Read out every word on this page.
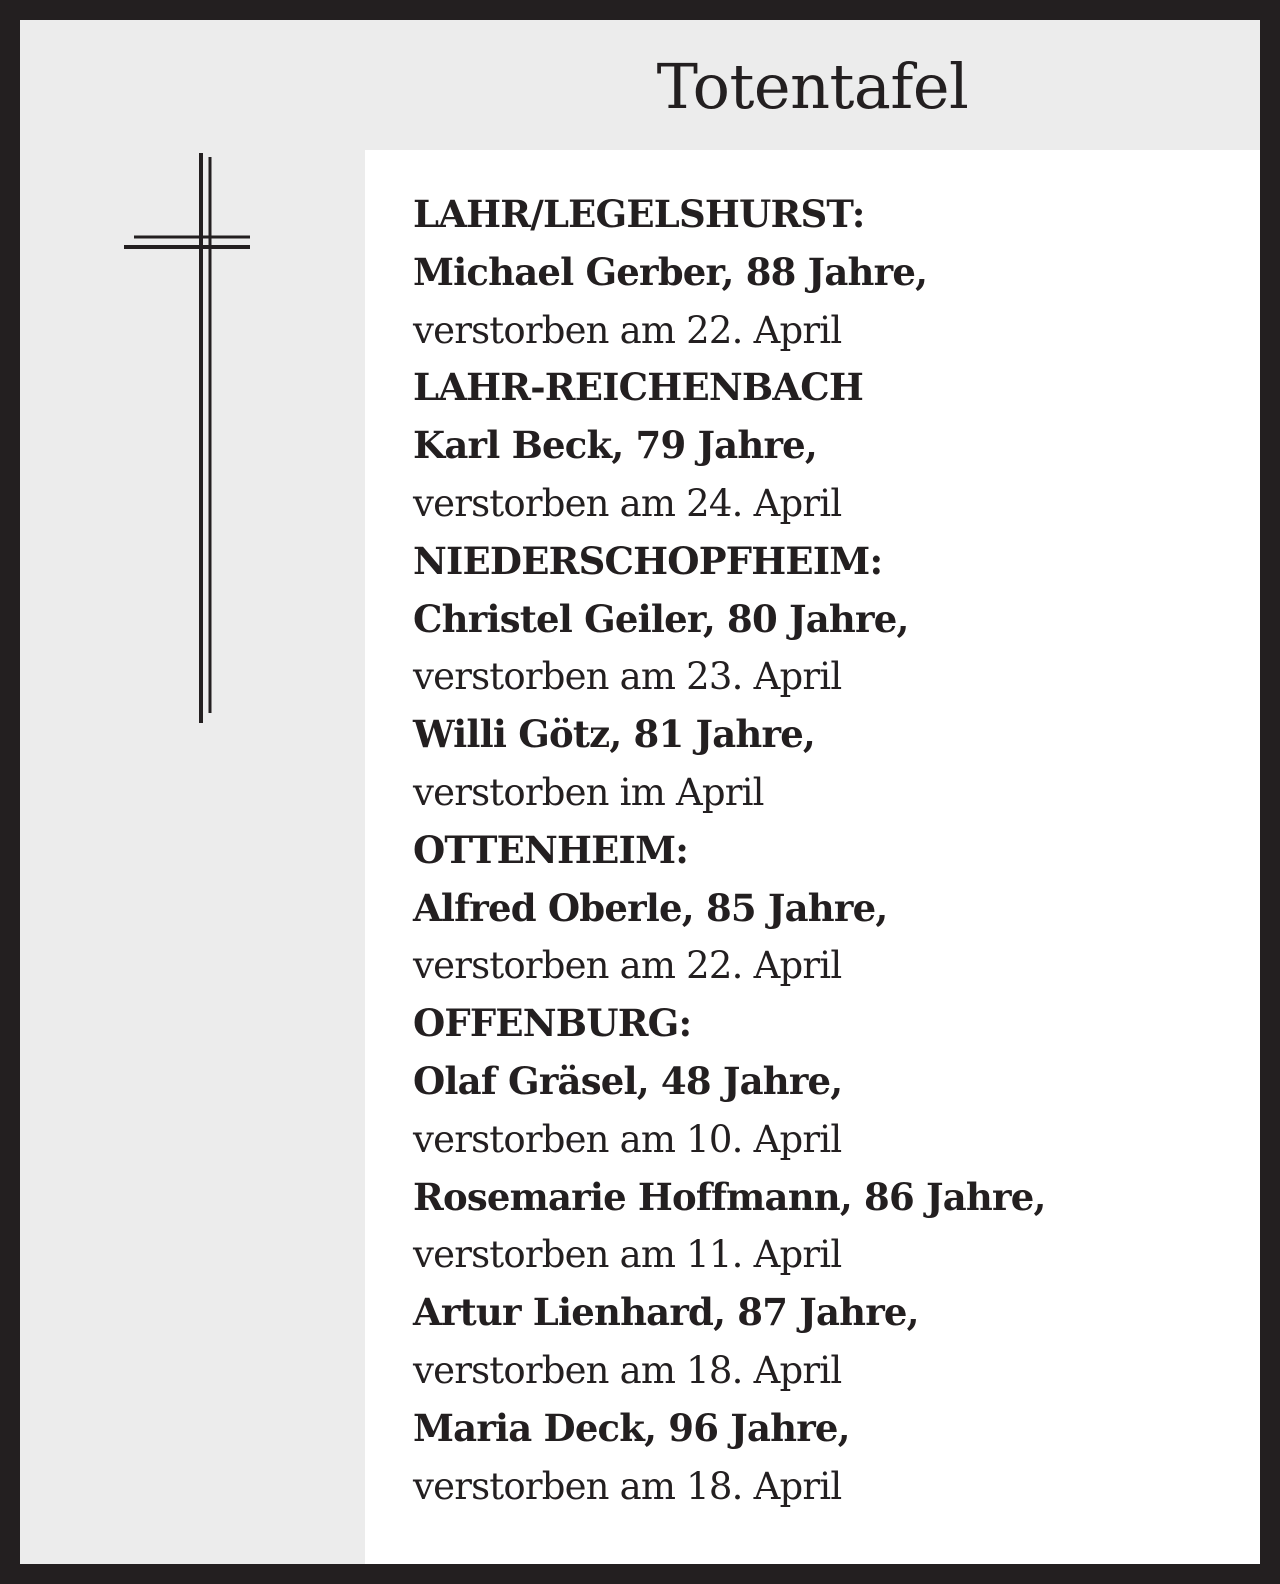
Totentafel
LAHR/LEGELSHURST:
Michael Gerber, 88 Jahre,
verstorben am 22. April
LAHR-REICHENBACH
Karl Beck, 79 Jahre,
verstorben am 24. April
NIEDERSCHOPFHEIM:
Christel Geiler, 80 Jahre,
verstorben am 23. April
Willi Götz, 81 Jahre,
verstorben im April
OTTENHEIM:
Alfred Oberle, 85 Jahre,
verstorben am 22. April
OFFENBURG:
Olaf Gräsel, 48 Jahre,
verstorben am 10. April
Rosemarie Hoffmann, 86 Jahre,
verstorben am 11. April
Artur Lienhard, 87 Jahre,
verstorben am 18. April
Maria Deck, 96 Jahre,
verstorben am 18. April
